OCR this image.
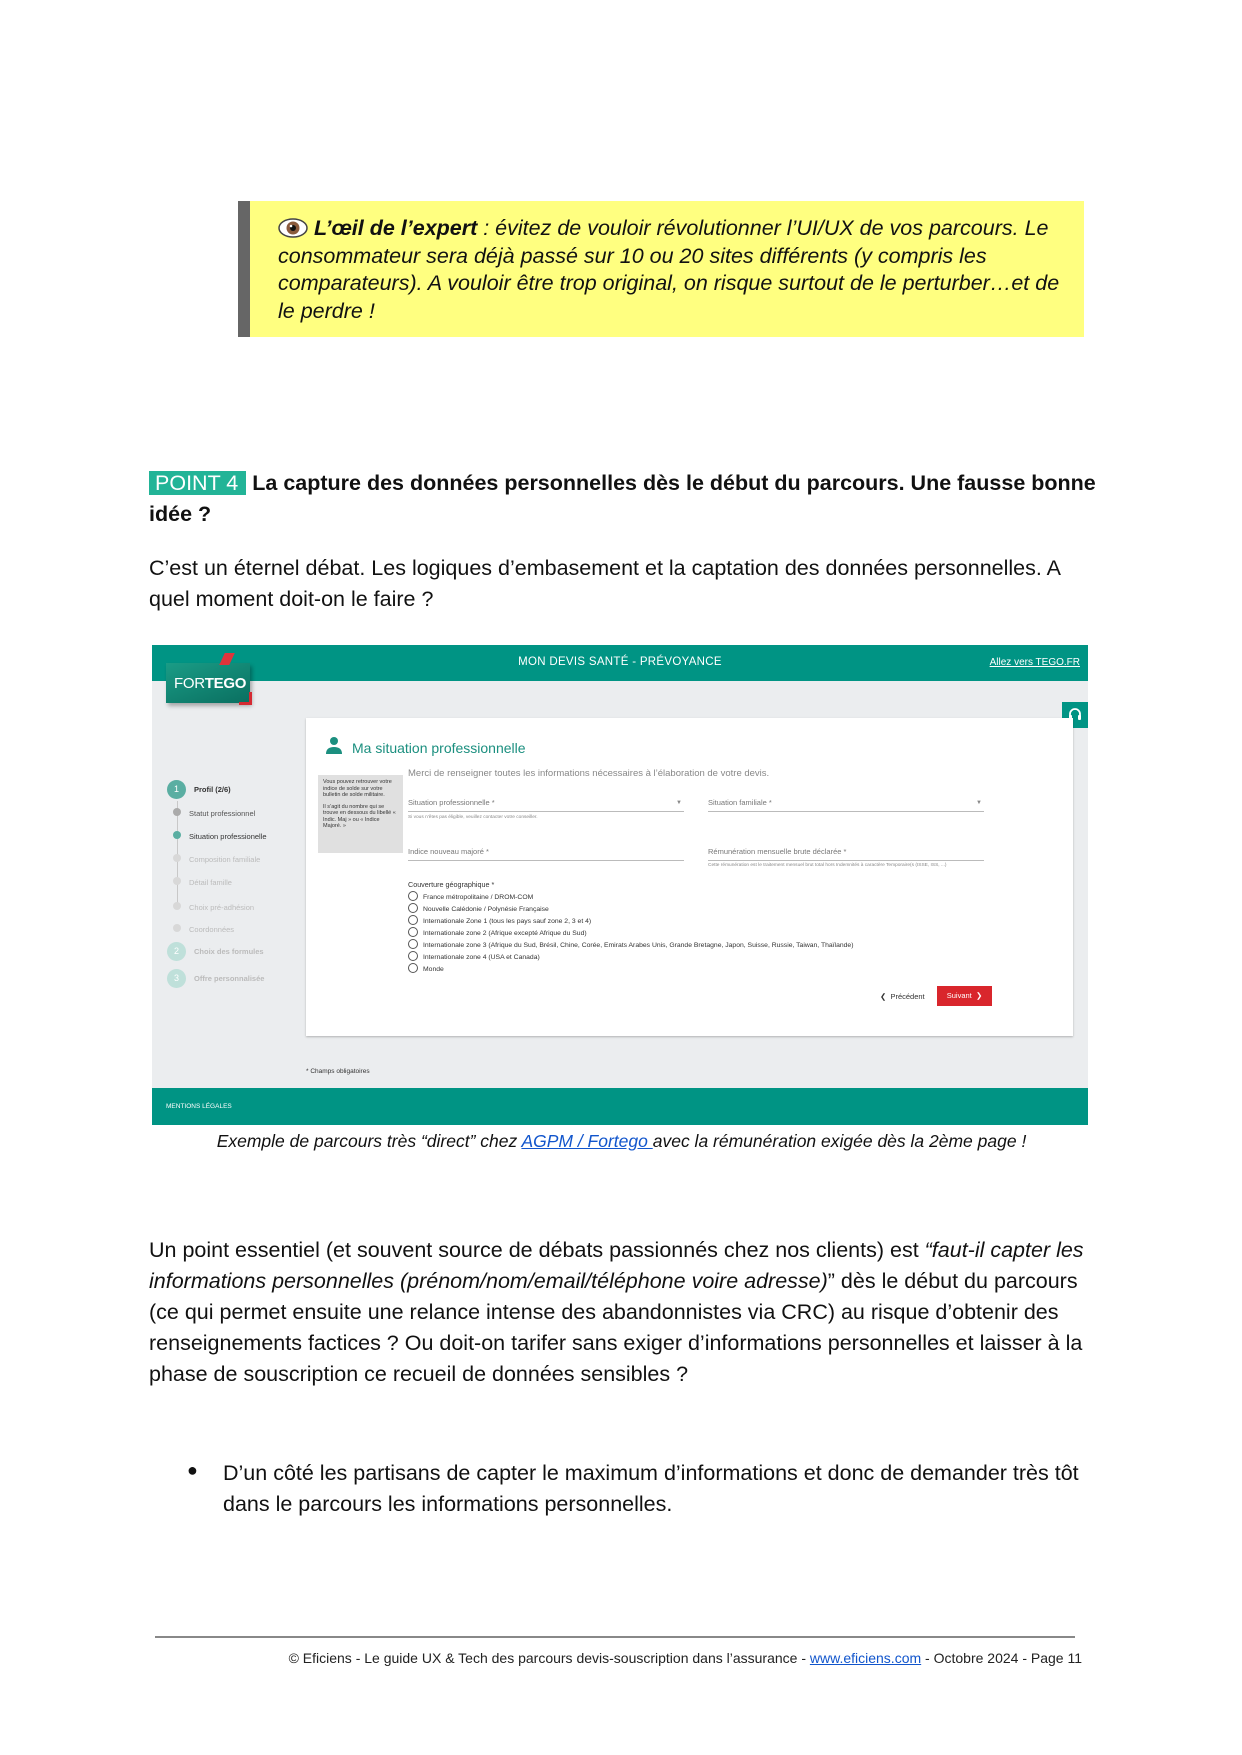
L’œil de l’expert : évitez de vouloir révolutionner l’UI/UX de vos parcours. Le consommateur sera déjà passé sur 10 ou 20 sites différents (y compris les comparateurs). A vouloir être trop original, on risque surtout de le perturber…et de le perdre !
POINT 4 La capture des données personnelles dès le début du parcours. Une fausse bonne idée ?
C’est un éternel débat. Les logiques d’embasement et la captation des données personnelles. A quel moment doit-on le faire ?
MON DEVIS SANTÉ - PRÉVOYANCE	Allez vers TEGO.FR
FORTEGO
1	Profil (2/6)
Statut professionnel
Situation professionelle
Composition familiale
Détail famille
Choix pré-adhésion
Coordonnées
2	Choix des formules
3	Offre personnalisée
Ma situation professionnelle
Vous pouvez retrouver votre indice de solde sur votre bulletin de solde militaire.
Il s’agit du nombre qui se trouve en dessous du libellé « Indic. Maj » ou « Indice Majoré. »
Merci de renseigner toutes les informations nécessaires à l’élaboration de votre devis.
Situation professionnelle *	▼
Si vous n’êtes pas éligible, veuillez contacter votre conseiller.
Situation familiale *	▼
Indice nouveau majoré *	Rémunération mensuelle brute déclarée *
Cette rémunération est le traitement mensuel brut total hors Indemnités à caractère Temporaire(s (ISSE, ISS, ...)
Couverture géographique *
France métropolitaine / DROM-COM
Nouvelle Calédonie / Polynésie Française
Internationale Zone 1 (tous les pays sauf zone 2, 3 et 4)
Internationale zone 2 (Afrique excepté Afrique du Sud)
Internationale zone 3 (Afrique du Sud, Brésil, Chine, Corée, Emirats Arabes Unis, Grande Bretagne, Japon, Suisse, Russie, Taiwan, Thaïlande)
Internationale zone 4 (USA et Canada)
Monde
❮  Précédent	Suivant  ❯
* Champs obligatoires
MENTIONS LÉGALES
Exemple de parcours très “direct” chez AGPM / Fortego avec la rémunération exigée dès la 2ème page !
Un point essentiel (et souvent source de débats passionnés chez nos clients) est “faut-il capter les informations personnelles (prénom/nom/email/téléphone voire adresse)” dès le début du parcours (ce qui permet ensuite une relance intense des abandonnistes via CRC) au risque d’obtenir des renseignements factices ? Ou doit-on tarifer sans exiger d’informations personnelles et laisser à la phase de souscription ce recueil de données sensibles ?
● D’un côté les partisans de capter le maximum d’informations et donc de demander très tôt dans le parcours les informations personnelles.
© Eficiens - Le guide UX & Tech des parcours devis-souscription dans l’assurance - www.eficiens.com - Octobre 2024 - Page 11
